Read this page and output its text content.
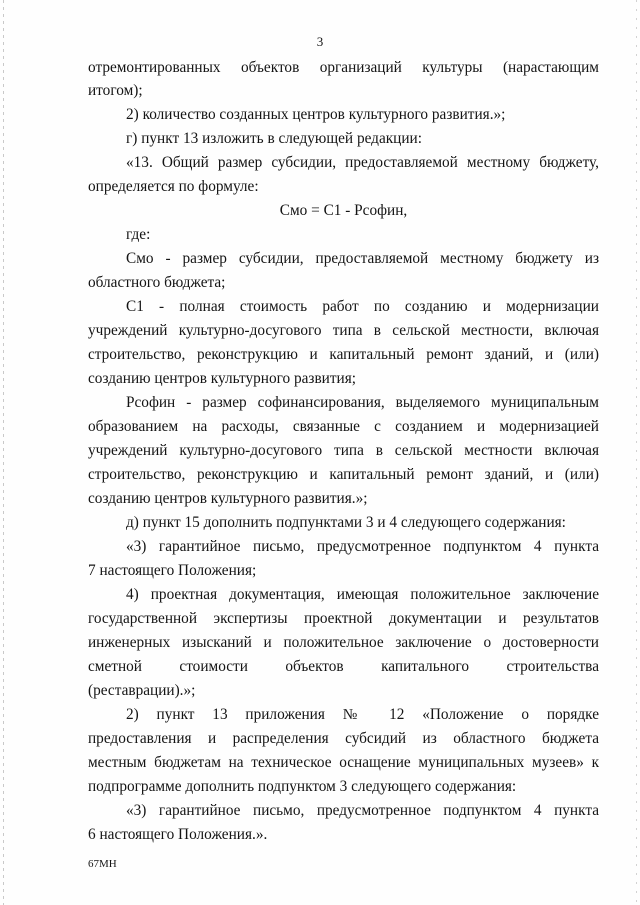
3
отремонтированных объектов организаций культуры (нарастающим
итогом);
2) количество созданных центров культурного развития.»;
г) пункт 13 изложить в следующей редакции:
«13. Общий размер субсидии, предоставляемой местному бюджету,
определяется по формуле:
Смо = С1 - Рсофин,
где:
Смо - размер субсидии, предоставляемой местному бюджету из
областного бюджета;
С1 - полная стоимость работ по созданию и модернизации
учреждений культурно-досугового типа в сельской местности, включая
строительство, реконструкцию и капитальный ремонт зданий, и (или)
созданию центров культурного развития;
Рсофин - размер софинансирования, выделяемого муниципальным
образованием на расходы, связанные с созданием и модернизацией
учреждений культурно-досугового типа в сельской местности включая
строительство, реконструкцию и капитальный ремонт зданий, и (или)
созданию центров культурного развития.»;
д) пункт 15 дополнить подпунктами 3 и 4 следующего содержания:
«3) гарантийное письмо, предусмотренное подпунктом 4 пункта
7 настоящего Положения;
4) проектная документация, имеющая положительное заключение
государственной экспертизы проектной документации и результатов
инженерных изысканий и положительное заключение о достоверности
сметной стоимости объектов капитального строительства
(реставрации).»;
2) пункт 13 приложения № 12 «Положение о порядке
предоставления и распределения субсидий из областного бюджета
местным бюджетам на техническое оснащение муниципальных музеев» к
подпрограмме дополнить подпунктом 3 следующего содержания:
«3) гарантийное письмо, предусмотренное подпунктом 4 пункта
6 настоящего Положения.».
67МН
